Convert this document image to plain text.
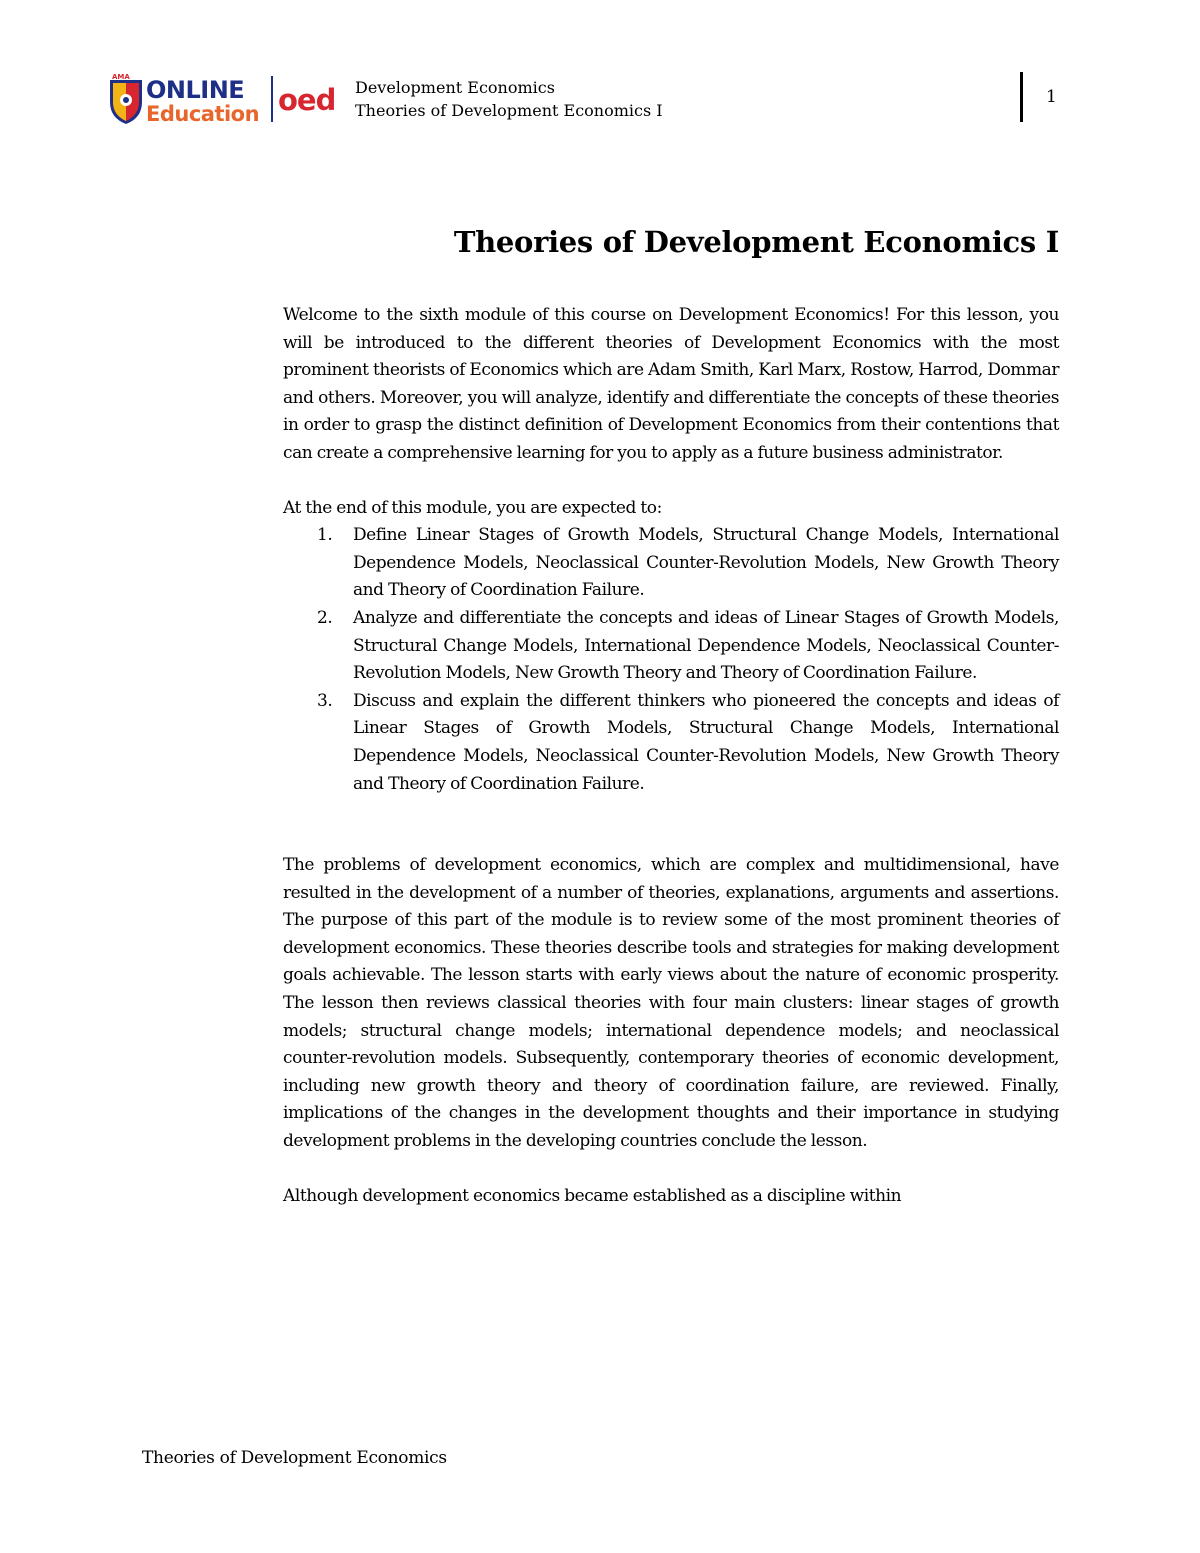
AMA ONLINE
Education oed Development Economics
Theories of Development Economics I
1
Theories of Development Economics I

Welcome to the sixth module of this course on Development Economics! For this lesson, you will be introduced to the different theories of Development Economics with the most prominent theorists of Economics which are Adam Smith, Karl Marx, Rostow, Harrod, Dommar and others. Moreover, you will analyze, identify and differentiate the concepts of these theories in order to grasp the distinct definition of Development Economics from their contentions that can create a comprehensive learning for you to apply as a future business administrator.

At the end of this module, you are expected to:

1. Define Linear Stages of Growth Models, Structural Change Models, International Dependence Models, Neoclassical Counter-Revolution Models, New Growth Theory and Theory of Coordination Failure.
2. Analyze and differentiate the concepts and ideas of Linear Stages of Growth Models, Structural Change Models, International Dependence Models, Neoclassical Counter-Revolution Models, New Growth Theory and Theory of Coordination Failure.
3. Discuss and explain the different thinkers who pioneered the concepts and ideas of Linear Stages of Growth Models, Structural Change Models, International Dependence Models, Neoclassical Counter-Revolution Models, New Growth Theory and Theory of Coordination Failure.

The problems of development economics, which are complex and multidimensional, have resulted in the development of a number of theories, explanations, arguments and assertions. The purpose of this part of the module is to review some of the most prominent theories of development economics. These theories describe tools and strategies for making development goals achievable. The lesson starts with early views about the nature of economic prosperity. The lesson then reviews classical theories with four main clusters: linear stages of growth models; structural change models; international dependence models; and neoclassical counter-revolution models. Subsequently, contemporary theories of economic development, including new growth theory and theory of coordination failure, are reviewed. Finally, implications of the changes in the development thoughts and their importance in studying development problems in the developing countries conclude the lesson.

Although development economics became established as a discipline within

Theories of Development Economics
